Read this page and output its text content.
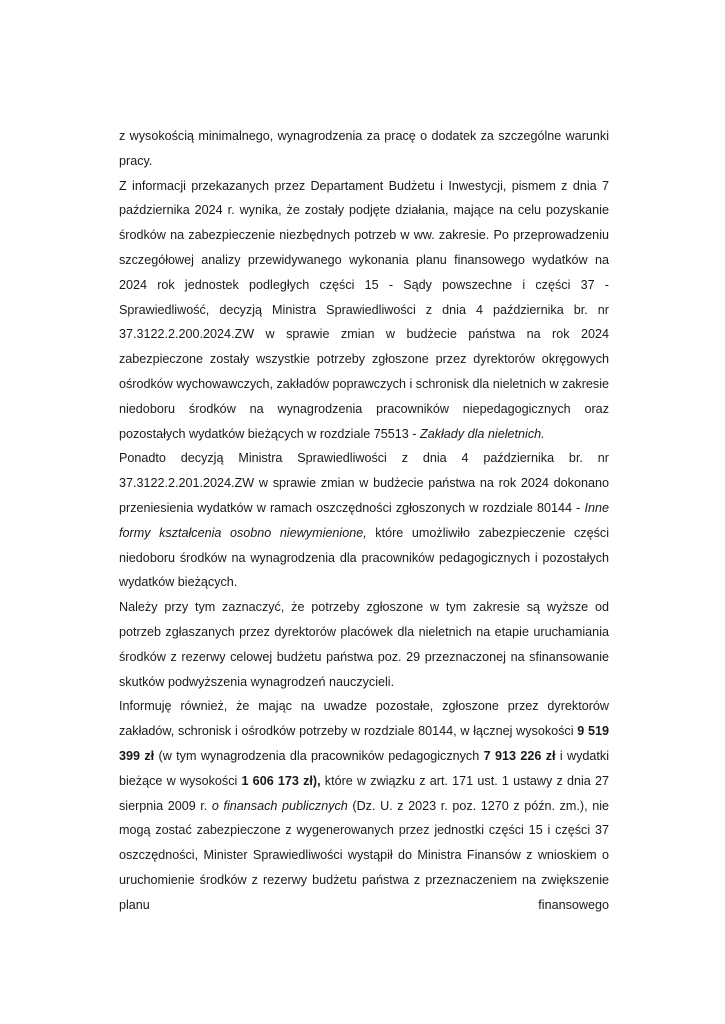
z wysokością minimalnego, wynagrodzenia za pracę o dodatek za szczególne warunki pracy.

Z informacji przekazanych przez Departament Budżetu i Inwestycji, pismem z dnia 7 października 2024 r. wynika, że zostały podjęte działania, mające na celu pozyskanie środków na zabezpieczenie niezbędnych potrzeb w ww. zakresie. Po przeprowadzeniu szczegółowej analizy przewidywanego wykonania planu finansowego wydatków na 2024 rok jednostek podległych części 15 - Sądy powszechne i części 37 - Sprawiedliwość, decyzją Ministra Sprawiedliwości z dnia 4 października br. nr 37.3122.2.200.2024.ZW w sprawie zmian w budżecie państwa na rok 2024 zabezpieczone zostały wszystkie potrzeby zgłoszone przez dyrektorów okręgowych ośrodków wychowawczych, zakładów poprawczych i schronisk dla nieletnich w zakresie niedoboru środków na wynagrodzenia pracowników niepedagogicznych oraz pozostałych wydatków bieżących w rozdziale 75513 - Zakłady dla nieletnich.

Ponadto decyzją Ministra Sprawiedliwości z dnia 4 października br. nr 37.3122.2.201.2024.ZW w sprawie zmian w budżecie państwa na rok 2024 dokonano przeniesienia wydatków w ramach oszczędności zgłoszonych w rozdziale 80144 - Inne formy kształcenia osobno niewymienione, które umożliwiło zabezpieczenie części niedoboru środków na wynagrodzenia dla pracowników pedagogicznych i pozostałych wydatków bieżących.

Należy przy tym zaznaczyć, że potrzeby zgłoszone w tym zakresie są wyższe od potrzeb zgłaszanych przez dyrektorów placówek dla nieletnich na etapie uruchamiania środków z rezerwy celowej budżetu państwa poz. 29 przeznaczonej na sfinansowanie skutków podwyższenia wynagrodzeń nauczycieli.

Informuję również, że mając na uwadze pozostałe, zgłoszone przez dyrektorów zakładów, schronisk i ośrodków potrzeby w rozdziale 80144, w łącznej wysokości 9 519 399 zł (w tym wynagrodzenia dla pracowników pedagogicznych 7 913 226 zł i wydatki bieżące w wysokości 1 606 173 zł), które w związku z art. 171 ust. 1 ustawy z dnia 27 sierpnia 2009 r. o finansach publicznych (Dz. U. z 2023 r. poz. 1270 z późn. zm.), nie mogą zostać zabezpieczone z wygenerowanych przez jednostki części 15 i części 37 oszczędności, Minister Sprawiedliwości wystąpił do Ministra Finansów z wnioskiem o uruchomienie środków z rezerwy budżetu państwa z przeznaczeniem na zwiększenie planu finansowego
